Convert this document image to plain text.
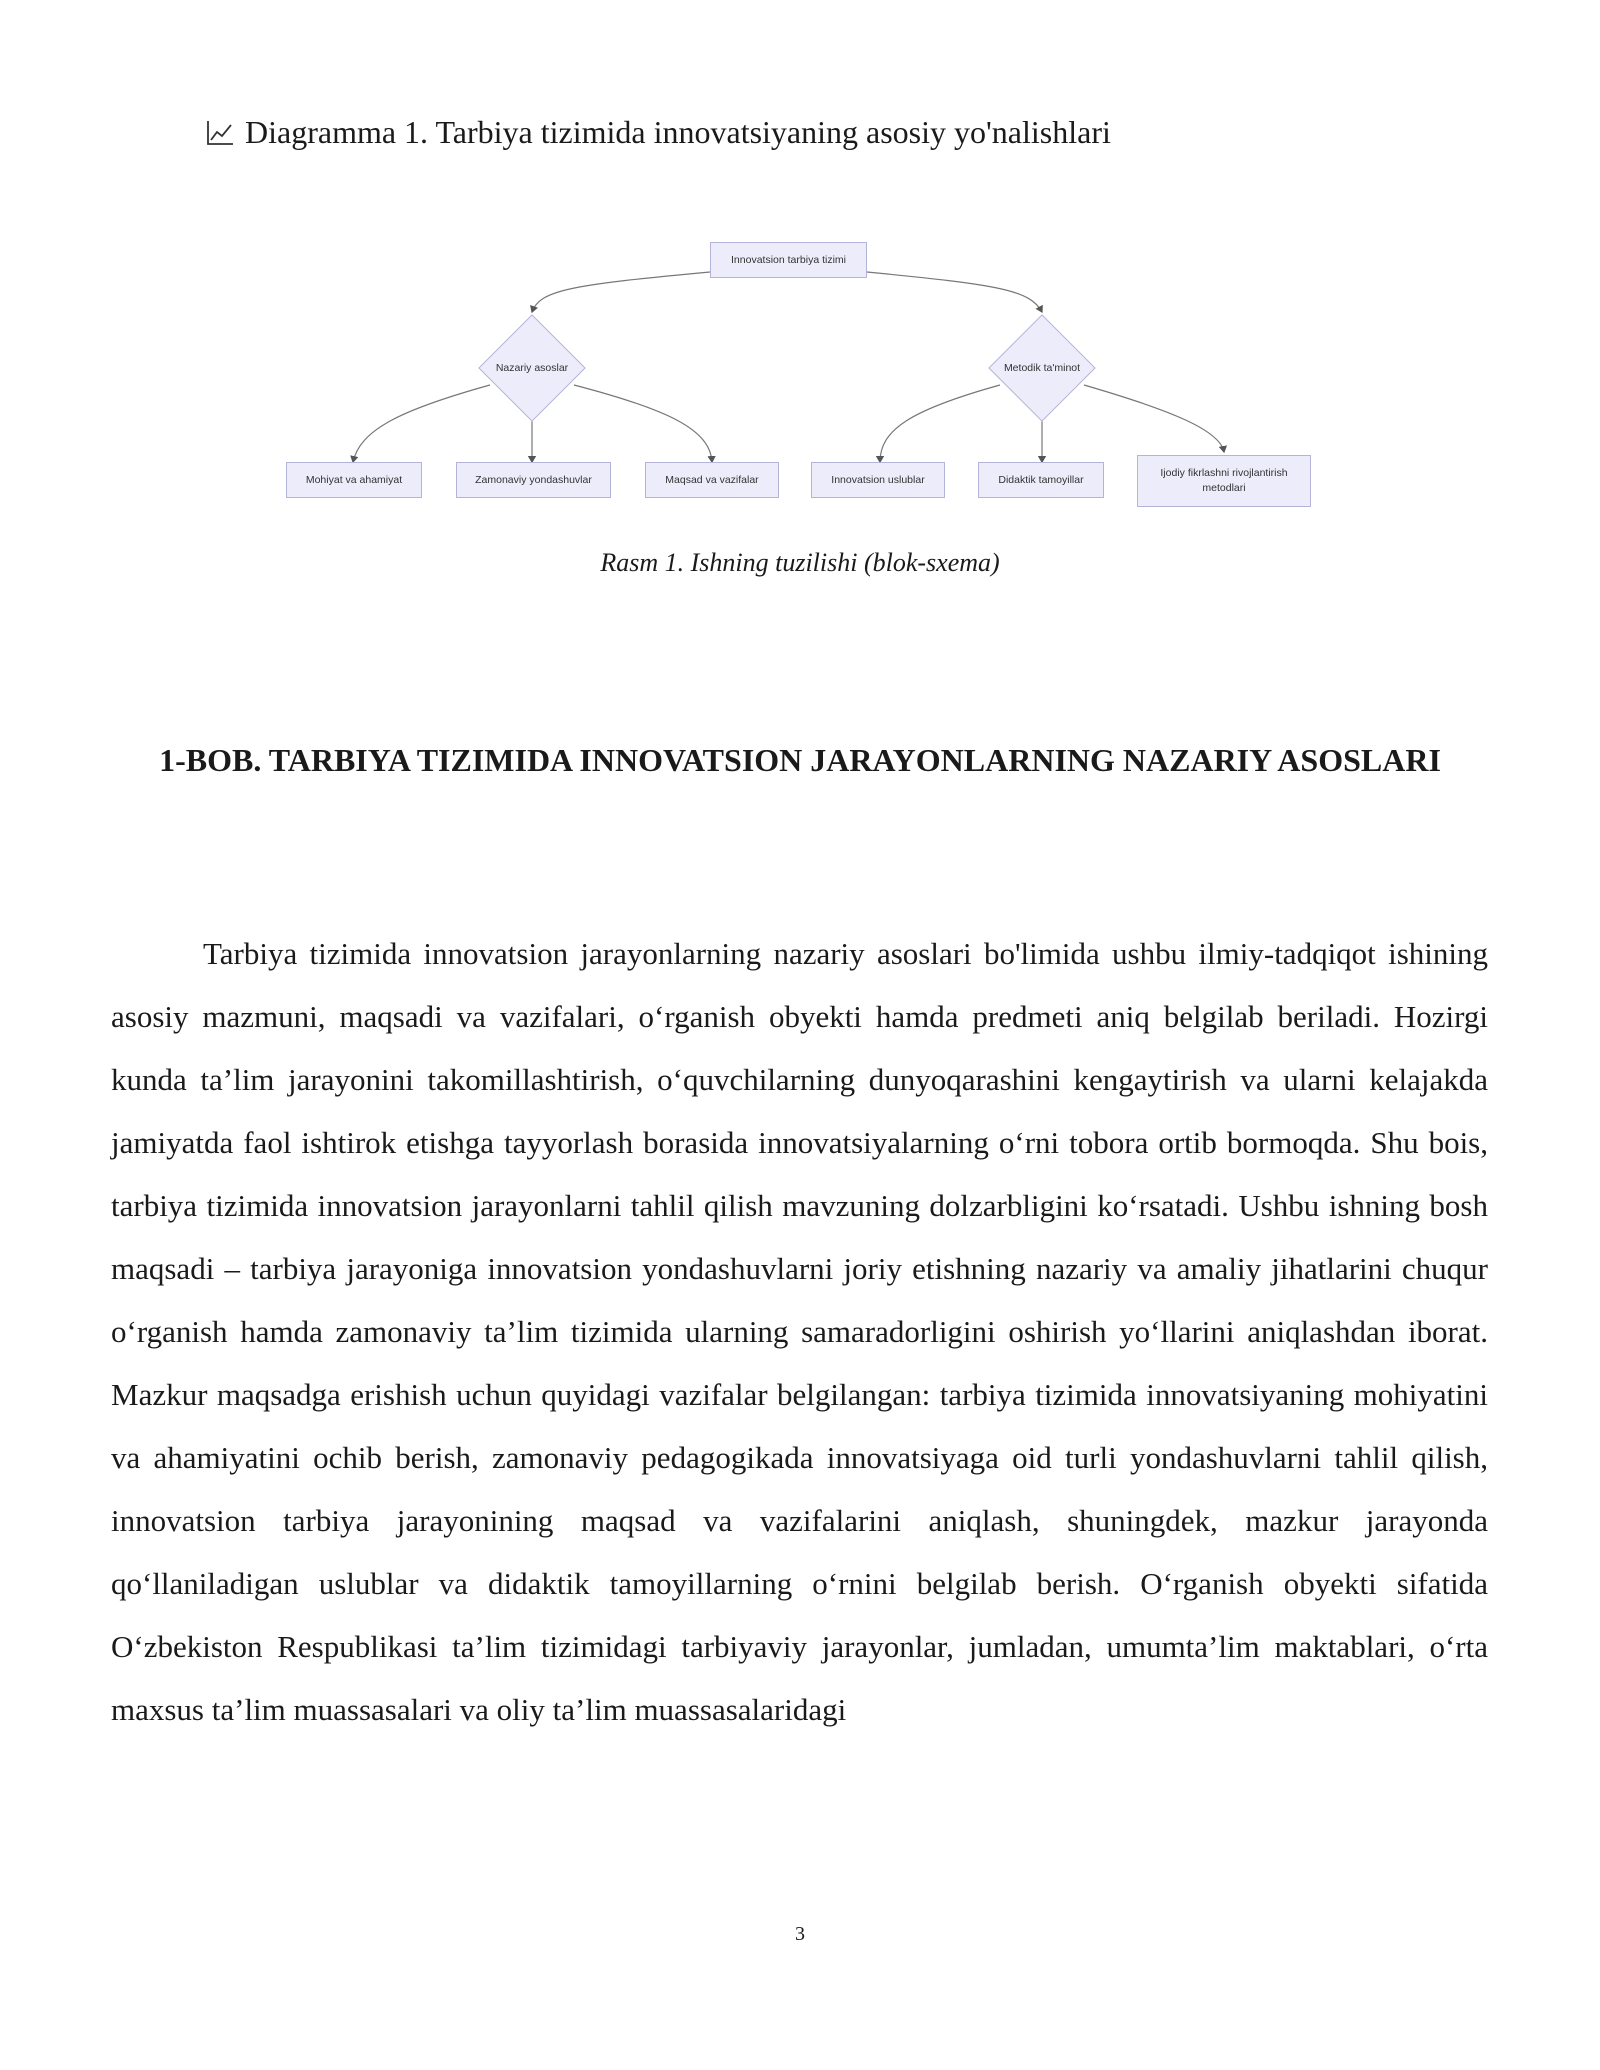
Diagramma 1. Tarbiya tizimida innovatsiyaning asosiy yo'nalishlari
Innovatsion tarbiya tizimi
Nazariy asoslar	Metodik ta'minot
Mohiyat va ahamiyat	Zamonaviy yondashuvlar	Maqsad va vazifalar	Innovatsion uslublar	Didaktik tamoyillar
Ijodiy fikrlashni rivojlantirish metodlari
Rasm 1. Ishning tuzilishi (blok-sxema)
1-BOB. TARBIYA TIZIMIDA INNOVATSION JARAYONLARNING NAZARIY ASOSLARI

Tarbiya tizimida innovatsion jarayonlarning nazariy asoslari bo'limida ushbu ilmiy-tadqiqot ishining asosiy mazmuni, maqsadi va vazifalari, o‘rganish obyekti hamda predmeti aniq belgilab beriladi. Hozirgi kunda ta’lim jarayonini takomillashtirish, o‘quvchilarning dunyoqarashini kengaytirish va ularni kelajakda jamiyatda faol ishtirok etishga tayyorlash borasida innovatsiyalarning o‘rni tobora ortib bormoqda. Shu bois, tarbiya tizimida innovatsion jarayonlarni tahlil qilish mavzuning dolzarbligini ko‘rsatadi. Ushbu ishning bosh maqsadi – tarbiya jarayoniga innovatsion yondashuvlarni joriy etishning nazariy va amaliy jihatlarini chuqur o‘rganish hamda zamonaviy ta’lim tizimida ularning samaradorligini oshirish yo‘llarini aniqlashdan iborat. Mazkur maqsadga erishish uchun quyidagi vazifalar belgilangan: tarbiya tizimida innovatsiyaning mohiyatini va ahamiyatini ochib berish, zamonaviy pedagogikada innovatsiyaga oid turli yondashuvlarni tahlil qilish, innovatsion tarbiya jarayonining maqsad va vazifalarini aniqlash, shuningdek, mazkur jarayonda qo‘llaniladigan uslublar va didaktik tamoyillarning o‘rnini belgilab berish. O‘rganish obyekti sifatida O‘zbekiston Respublikasi ta’lim tizimidagi tarbiyaviy jarayonlar, jumladan, umumta’lim maktablari, o‘rta maxsus ta’lim muassasalari va oliy ta’lim muassasalaridagi

3
